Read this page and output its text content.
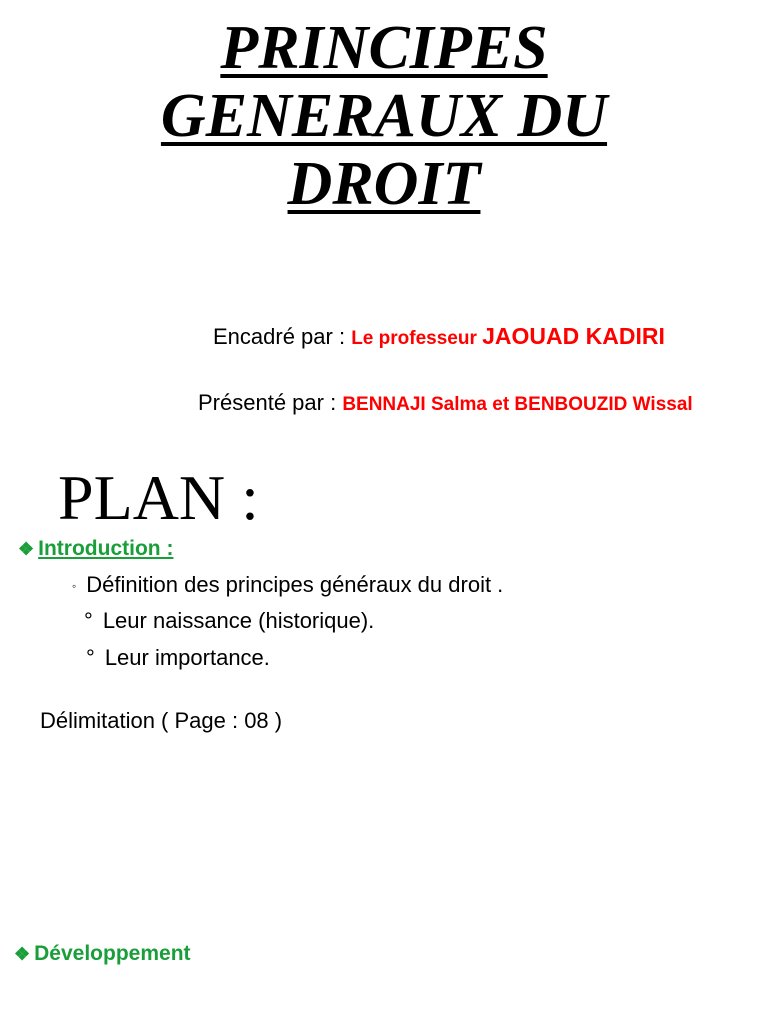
PRINCIPES
GENERAUX DU
DROIT
Encadré par : Le professeur JAOUAD KADIRI
Présenté par : BENNAJI Salma et BENBOUZID Wissal
PLAN :
❖ Introduction :
◦ Définition des principes généraux du droit .
° Leur naissance (historique).
° Leur importance.
Délimitation ( Page : 08 )
❖ Développement
